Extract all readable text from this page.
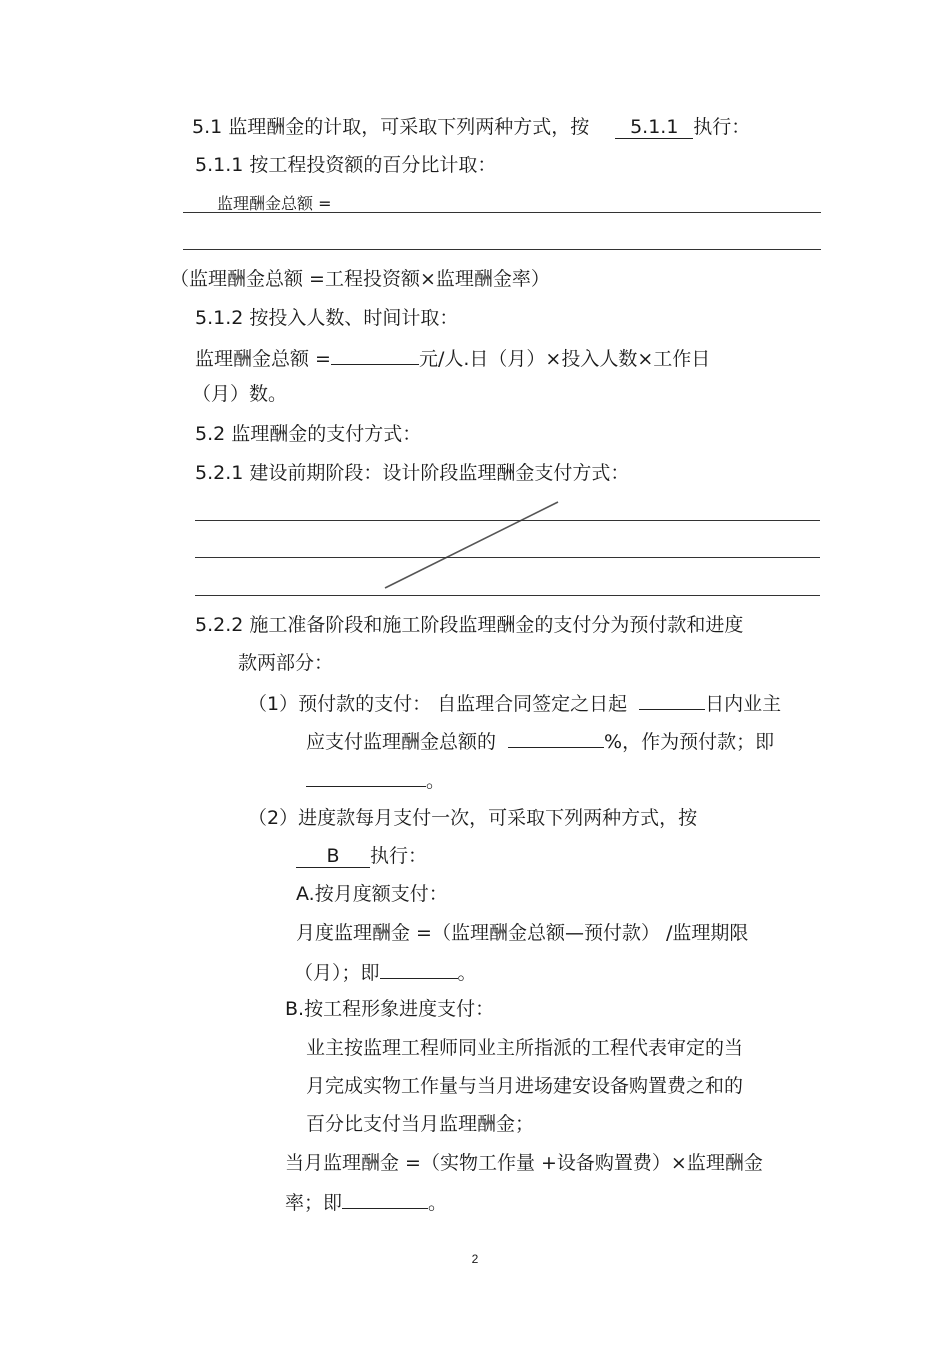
5.1 监理酬金的计取，可采取下列两种方式，按 5.1.1 执行：
5.1.1 按工程投资额的百分比计取：
监理酬金总额 =
（监理酬金总额 =工程投资额×监理酬金率）
5.1.2 按投入人数、时间计取：
监理酬金总额 =	元/人.日（月）×投入人数×工作日
（月）数。
5.2 监理酬金的支付方式：
5.2.1 建设前期阶段：设计阶段监理酬金支付方式：
5.2.2 施工准备阶段和施工阶段监理酬金的支付分为预付款和进度
款两部分：
（1）预付款的支付： 自监理合同签定之日起	日内业主
应支付监理酬金总额的	%，作为预付款；即
。
（2）进度款每月支付一次，可采取下列两种方式，按
B 执行：
A.按月度额支付：
月度监理酬金 =（监理酬金总额—预付款） /监理期限
（月）；即	。
B.按工程形象进度支付：
业主按监理工程师同业主所指派的工程代表审定的当
月完成实物工作量与当月进场建安设备购置费之和的
百分比支付当月监理酬金；
当月监理酬金 =（实物工作量 +设备购置费）×监理酬金
率；即	。
2
